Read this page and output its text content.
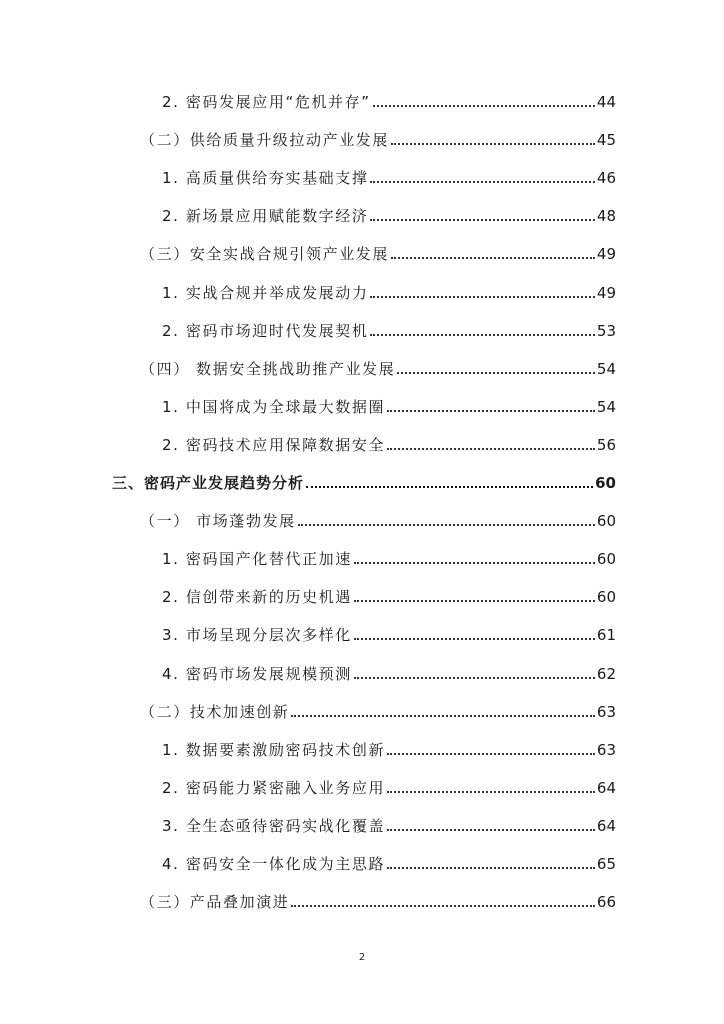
2. 密码发展应用“危机并存”	44
（二）供给质量升级拉动产业发展	45
1. 高质量供给夯实基础支撑	46
2. 新场景应用赋能数字经济	48
（三）安全实战合规引领产业发展	49
1. 实战合规并举成发展动力	49
2. 密码市场迎时代发展契机	53
（四） 数据安全挑战助推产业发展	54
1. 中国将成为全球最大数据圈	54
2. 密码技术应用保障数据安全	56
三、密码产业发展趋势分析	60
（一） 市场蓬勃发展	60
1. 密码国产化替代正加速	60
2. 信创带来新的历史机遇	60
3. 市场呈现分层次多样化	61
4. 密码市场发展规模预测	62
（二）技术加速创新	63
1. 数据要素激励密码技术创新	63
2. 密码能力紧密融入业务应用	64
3. 全生态亟待密码实战化覆盖	64
4. 密码安全一体化成为主思路	65
（三）产品叠加演进	66
2
